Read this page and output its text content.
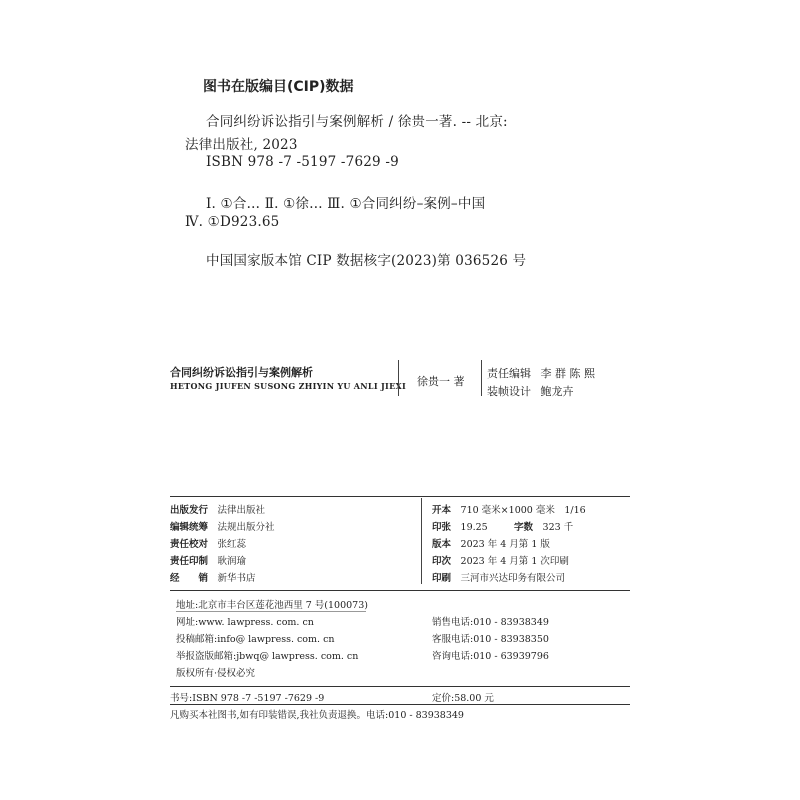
图书在版编目(CIP)数据
合同纠纷诉讼指引与案例解析 / 徐贵一著. -- 北京:
法律出版社, 2023
ISBN 978 -7 -5197 -7629 -9
Ⅰ. ①合… Ⅱ. ①徐… Ⅲ. ①合同纠纷–案例–中国
Ⅳ. ①D923.65
中国国家版本馆 CIP 数据核字(2023)第 036526 号
合同纠纷诉讼指引与案例解析
HETONG JIUFEN SUSONG ZHIYIN YU ANLI JIEXI 徐贵一 著
责任编辑 李 群 陈 熙
装帧设计 鲍龙卉
出版发行　 法律出版社
编辑统筹　 法规出版分社
责任校对　 张红蕊
责任印制　 耿润瑜
经　　销　 新华书店
开本　 710 毫米×1000 毫米　1/16
印张　 19.25	字数　 323 千
版本　 2023 年 4 月第 1 版
印次　 2023 年 4 月第 1 次印刷
印刷　 三河市兴达印务有限公司
地址:北京市丰台区莲花池西里 7 号(100073)
网址:www. lawpress. com. cn
投稿邮箱:info@ lawpress. com. cn
举报盗版邮箱:jbwq@ lawpress. com. cn
版权所有·侵权必究
销售电话:010 - 83938349
客服电话:010 - 83938350
咨询电话:010 - 63939796
书号:ISBN 978 -7 -5197 -7629 -9	定价:58.00 元
凡购买本社图书,如有印装错误,我社负责退换。电话:010 - 83938349
